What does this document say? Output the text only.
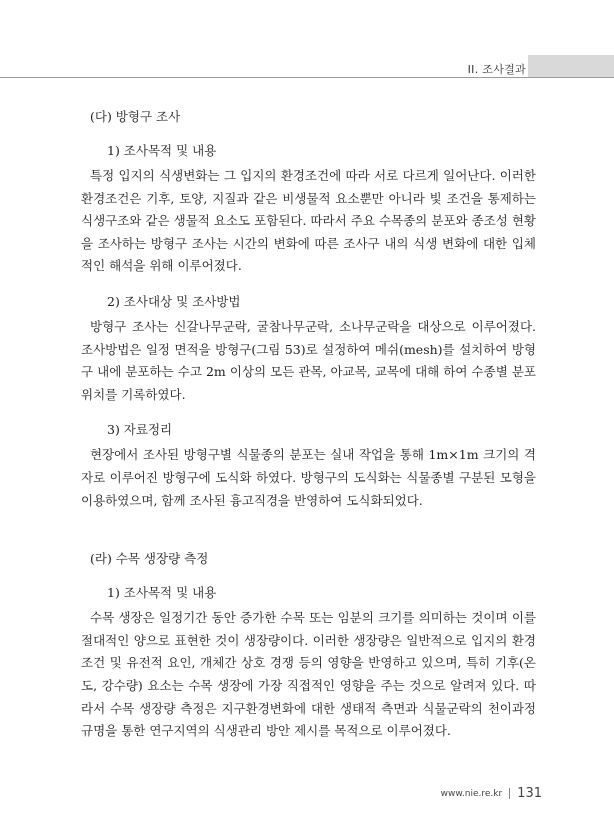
II. 조사결과
(다) 방형구 조사
1) 조사목적 및 내용

특정 입지의 식생변화는 그 입지의 환경조건에 따라 서로 다르게 일어난다. 이러한 환경조건은 기후, 토양, 지질과 같은 비생물적 요소뿐만 아니라 빛 조건을 통제하는 식생구조와 같은 생물적 요소도 포함된다. 따라서 주요 수목종의 분포와 종조성 현황을 조사하는 방형구 조사는 시간의 변화에 따른 조사구 내의 식생 변화에 대한 입체적인 해석을 위해 이루어졌다.

2) 조사대상 및 조사방법

방형구 조사는 신갈나무군락, 굴참나무군락, 소나무군락을 대상으로 이루어졌다. 조사방법은 일정 면적을 방형구(그림 53)로 설정하여 메쉬(mesh)를 설치하여 방형구 내에 분포하는 수고 2m 이상의 모든 관목, 아교목, 교목에 대해 하여 수종별 분포 위치를 기록하였다.

3) 자료정리

현장에서 조사된 방형구별 식물종의 분포는 실내 작업을 통해 1m×1m 크기의 격자로 이루어진 방형구에 도식화 하였다. 방형구의 도식화는 식물종별 구분된 모형을 이용하였으며, 함께 조사된 흉고직경을 반영하여 도식화되었다.

(라) 수목 생장량 측정
1) 조사목적 및 내용

수목 생장은 일정기간 동안 증가한 수목 또는 임분의 크기를 의미하는 것이며 이를 절대적인 양으로 표현한 것이 생장량이다. 이러한 생장량은 일반적으로 입지의 환경조건 및 유전적 요인, 개체간 상호 경쟁 등의 영향을 반영하고 있으며, 특히 기후(온도, 강수량) 요소는 수목 생장에 가장 직접적인 영향을 주는 것으로 알려져 있다. 따라서 수목 생장량 측정은 지구환경변화에 대한 생태적 측면과 식물군락의 천이과정 규명을 통한 연구지역의 식생관리 방안 제시를 목적으로 이루어졌다.

www.nie.re.kr 131
